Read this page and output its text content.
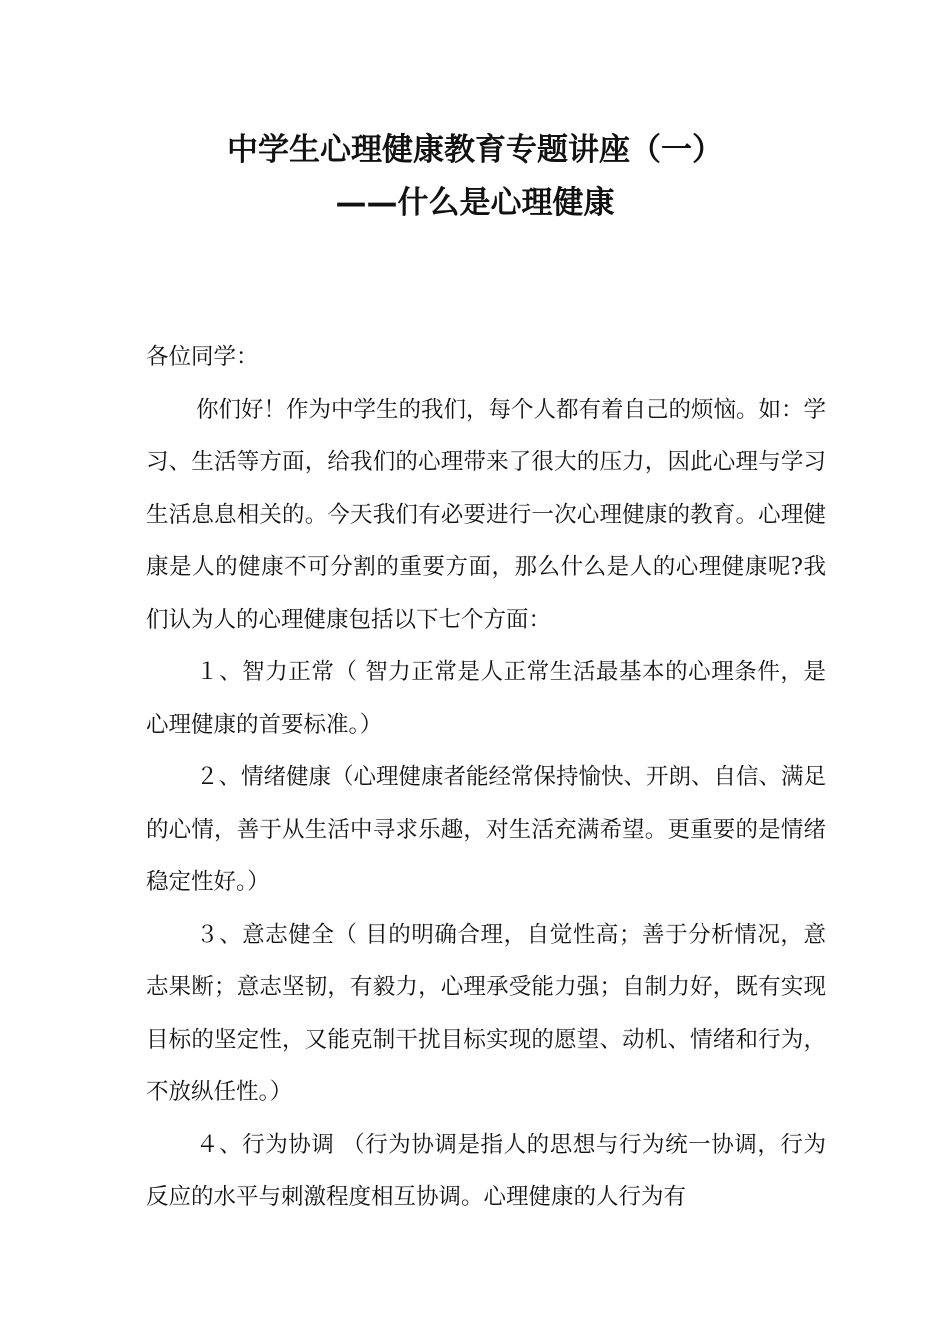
中学生心理健康教育专题讲座（一）
——什么是心理健康

各位同学：

你们好！作为中学生的我们，每个人都有着自己的烦恼。如：学习、生活等方面，给我们的心理带来了很大的压力，因此心理与学习生活息息相关的。今天我们有必要进行一次心理健康的教育。心理健康是人的健康不可分割的重要方面，那么什么是人的心理健康呢?我们认为人的心理健康包括以下七个方面：

１、智力正常（ 智力正常是人正常生活最基本的心理条件，是心理健康的首要标准。）

２、情绪健康（心理健康者能经常保持愉快、开朗、自信、满足的心情，善于从生活中寻求乐趣，对生活充满希望。更重要的是情绪稳定性好。）

３、意志健全（ 目的明确合理，自觉性高；善于分析情况，意志果断；意志坚韧，有毅力，心理承受能力强；自制力好，既有实现目标的坚定性，又能克制干扰目标实现的愿望、动机、情绪和行为，不放纵任性。）

４、行为协调 （行为协调是指人的思想与行为统一协调，行为反应的水平与刺激程度相互协调。心理健康的人行为有
